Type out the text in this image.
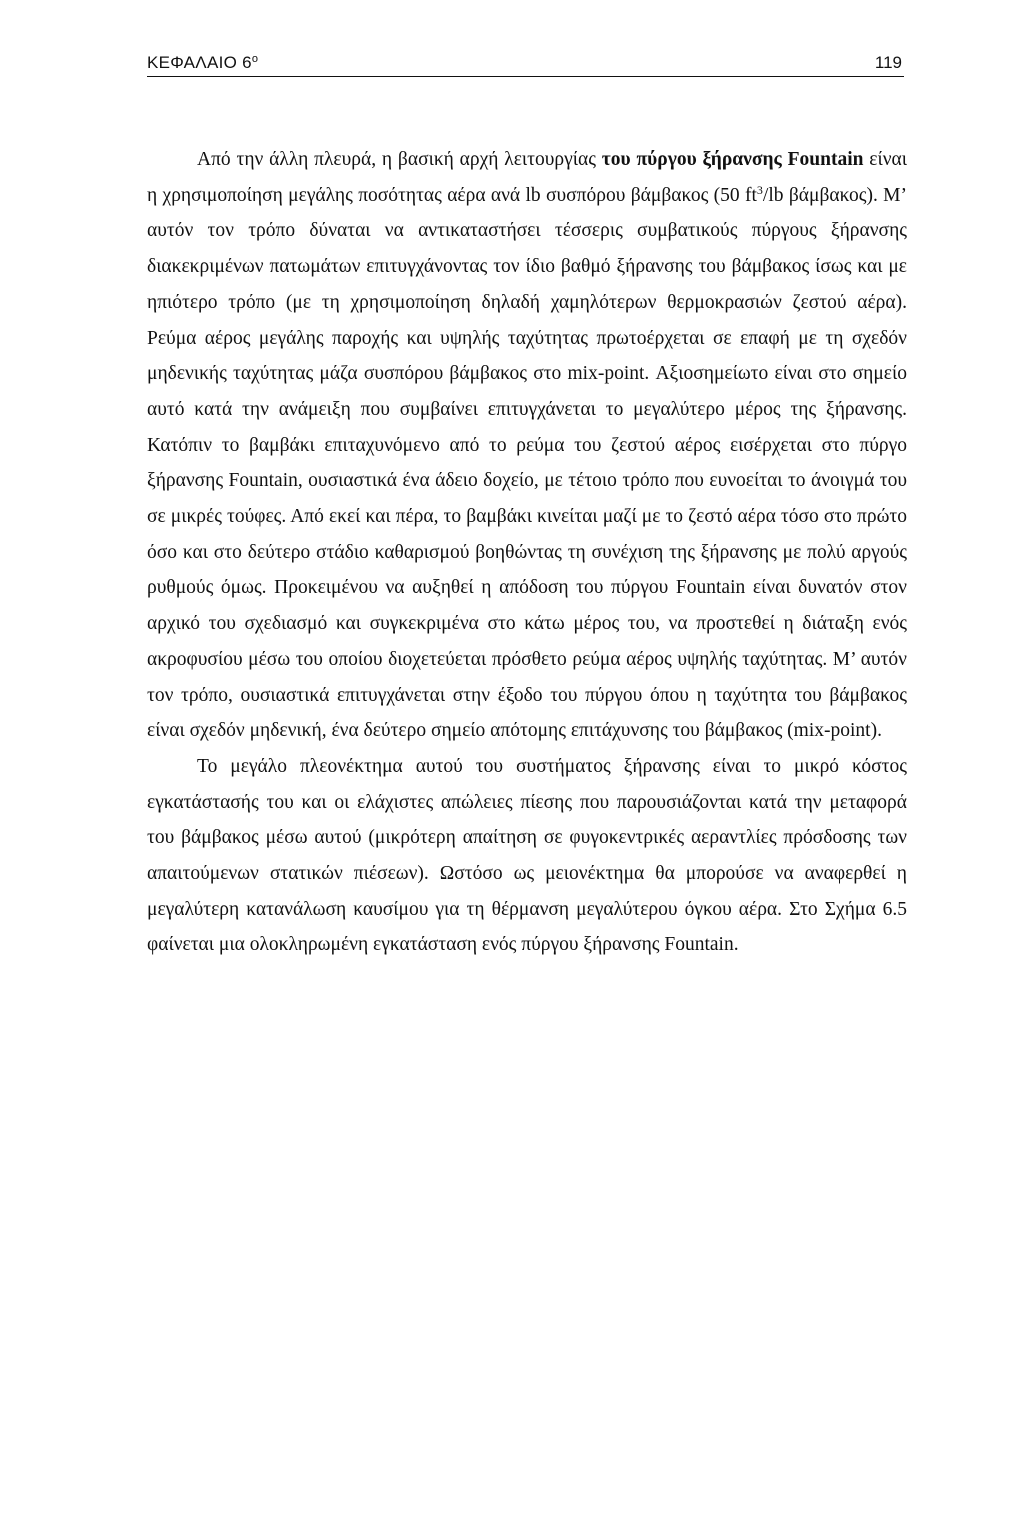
ΚΕΦΑΛΑΙΟ $6^o$	119

Από την άλλη πλευρά, η βασική αρχή λειτουργίας του πύργου ξήρανσης Fountain είναι η χρησιμοποίηση μεγάλης ποσότητας αέρα ανά lb συσπόρου βάμβακος (50 $ft^3/lb$ βάμβακος). Μ’ αυτόν τον τρόπο δύναται να αντικαταστήσει τέσσερις συμβατικούς πύργους ξήρανσης διακεκριμένων πατωμάτων επιτυγχάνοντας τον ίδιο βαθμό ξήρανσης του βάμβακος ίσως και με ηπιότερο τρόπο (με τη χρησιμοποίηση δηλαδή χαμηλότερων θερμοκρασιών ζεστού αέρα). Ρεύμα αέρος μεγάλης παροχής και υψηλής ταχύτητας πρωτοέρχεται σε επαφή με τη σχεδόν μηδενικής ταχύτητας μάζα συσπόρου βάμβακος στο mix-point. Αξιοσημείωτο είναι στο σημείο αυτό κατά την ανάμειξη που συμβαίνει επιτυγχάνεται το μεγαλύτερο μέρος της ξήρανσης. Κατόπιν το βαμβάκι επιταχυνόμενο από το ρεύμα του ζεστού αέρος εισέρχεται στο πύργο ξήρανσης Fountain, ουσιαστικά ένα άδειο δοχείο, με τέτοιο τρόπο που ευνοείται το άνοιγμά του σε μικρές τούφες. Από εκεί και πέρα, το βαμβάκι κινείται μαζί με το ζεστό αέρα τόσο στο πρώτο όσο και στο δεύτερο στάδιο καθαρισμού βοηθώντας τη συνέχιση της ξήρανσης με πολύ αργούς ρυθμούς όμως. Προκειμένου να αυξηθεί η απόδοση του πύργου Fountain είναι δυνατόν στον αρχικό του σχεδιασμό και συγκεκριμένα στο κάτω μέρος του, να προστεθεί η διάταξη ενός ακροφυσίου μέσω του οποίου διοχετεύεται πρόσθετο ρεύμα αέρος υψηλής ταχύτητας. Μ’ αυτόν τον τρόπο, ουσιαστικά επιτυγχάνεται στην έξοδο του πύργου όπου η ταχύτητα του βάμβακος είναι σχεδόν μηδενική, ένα δεύτερο σημείο απότομης επιτάχυνσης του βάμβακος (mix-point).

Το μεγάλο πλεονέκτημα αυτού του συστήματος ξήρανσης είναι το μικρό κόστος εγκατάστασής του και οι ελάχιστες απώλειες πίεσης που παρουσιάζονται κατά την μεταφορά του βάμβακος μέσω αυτού (μικρότερη απαίτηση σε φυγοκεντρικές αεραντλίες πρόσδοσης των απαιτούμενων στατικών πιέσεων). Ωστόσο ως μειονέκτημα θα μπορούσε να αναφερθεί η μεγαλύτερη κατανάλωση καυσίμου για τη θέρμανση μεγαλύτερου όγκου αέρα. Στο Σχήμα 6.5 φαίνεται μια ολοκληρωμένη εγκατάσταση ενός πύργου ξήρανσης Fountain.
